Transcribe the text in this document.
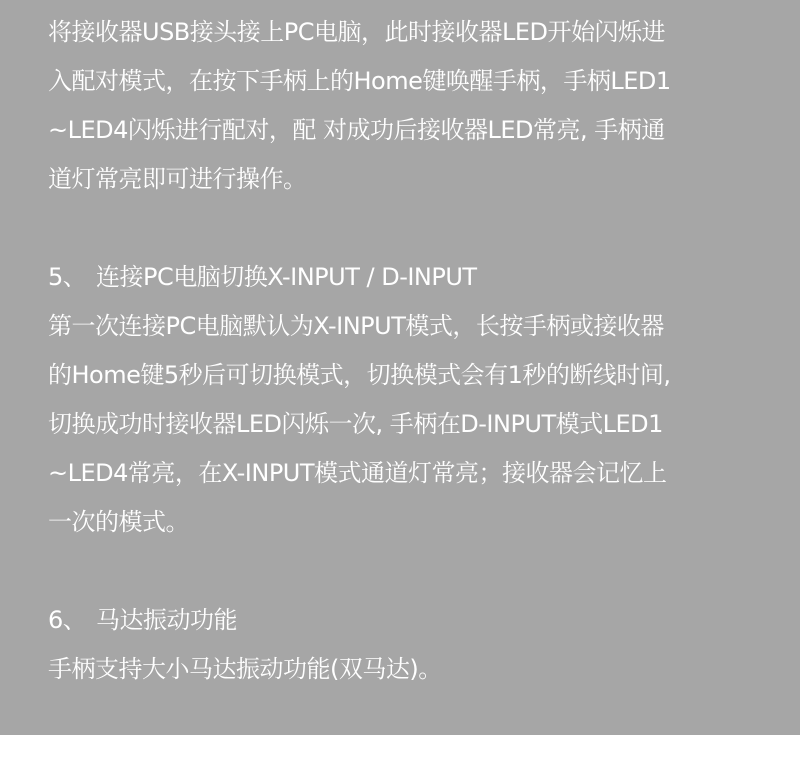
将接收器USB接头接上PC电脑，此时接收器LED开始闪烁进
入配对模式，在按下手柄上的Home键唤醒手柄，手柄LED1
~LED4闪烁进行配对，配 对成功后接收器LED常亮, 手柄通
道灯常亮即可进行操作。
5、 连接PC电脑切换X-INPUT / D-INPUT
第一次连接PC电脑默认为X-INPUT模式，长按手柄或接收器
的Home键5秒后可切换模式，切换模式会有1秒的断线时间,
切换成功时接收器LED闪烁一次, 手柄在D-INPUT模式LED1
~LED4常亮，在X-INPUT模式通道灯常亮；接收器会记忆上
一次的模式。
6、 马达振动功能
手柄支持大小马达振动功能(双马达)。
